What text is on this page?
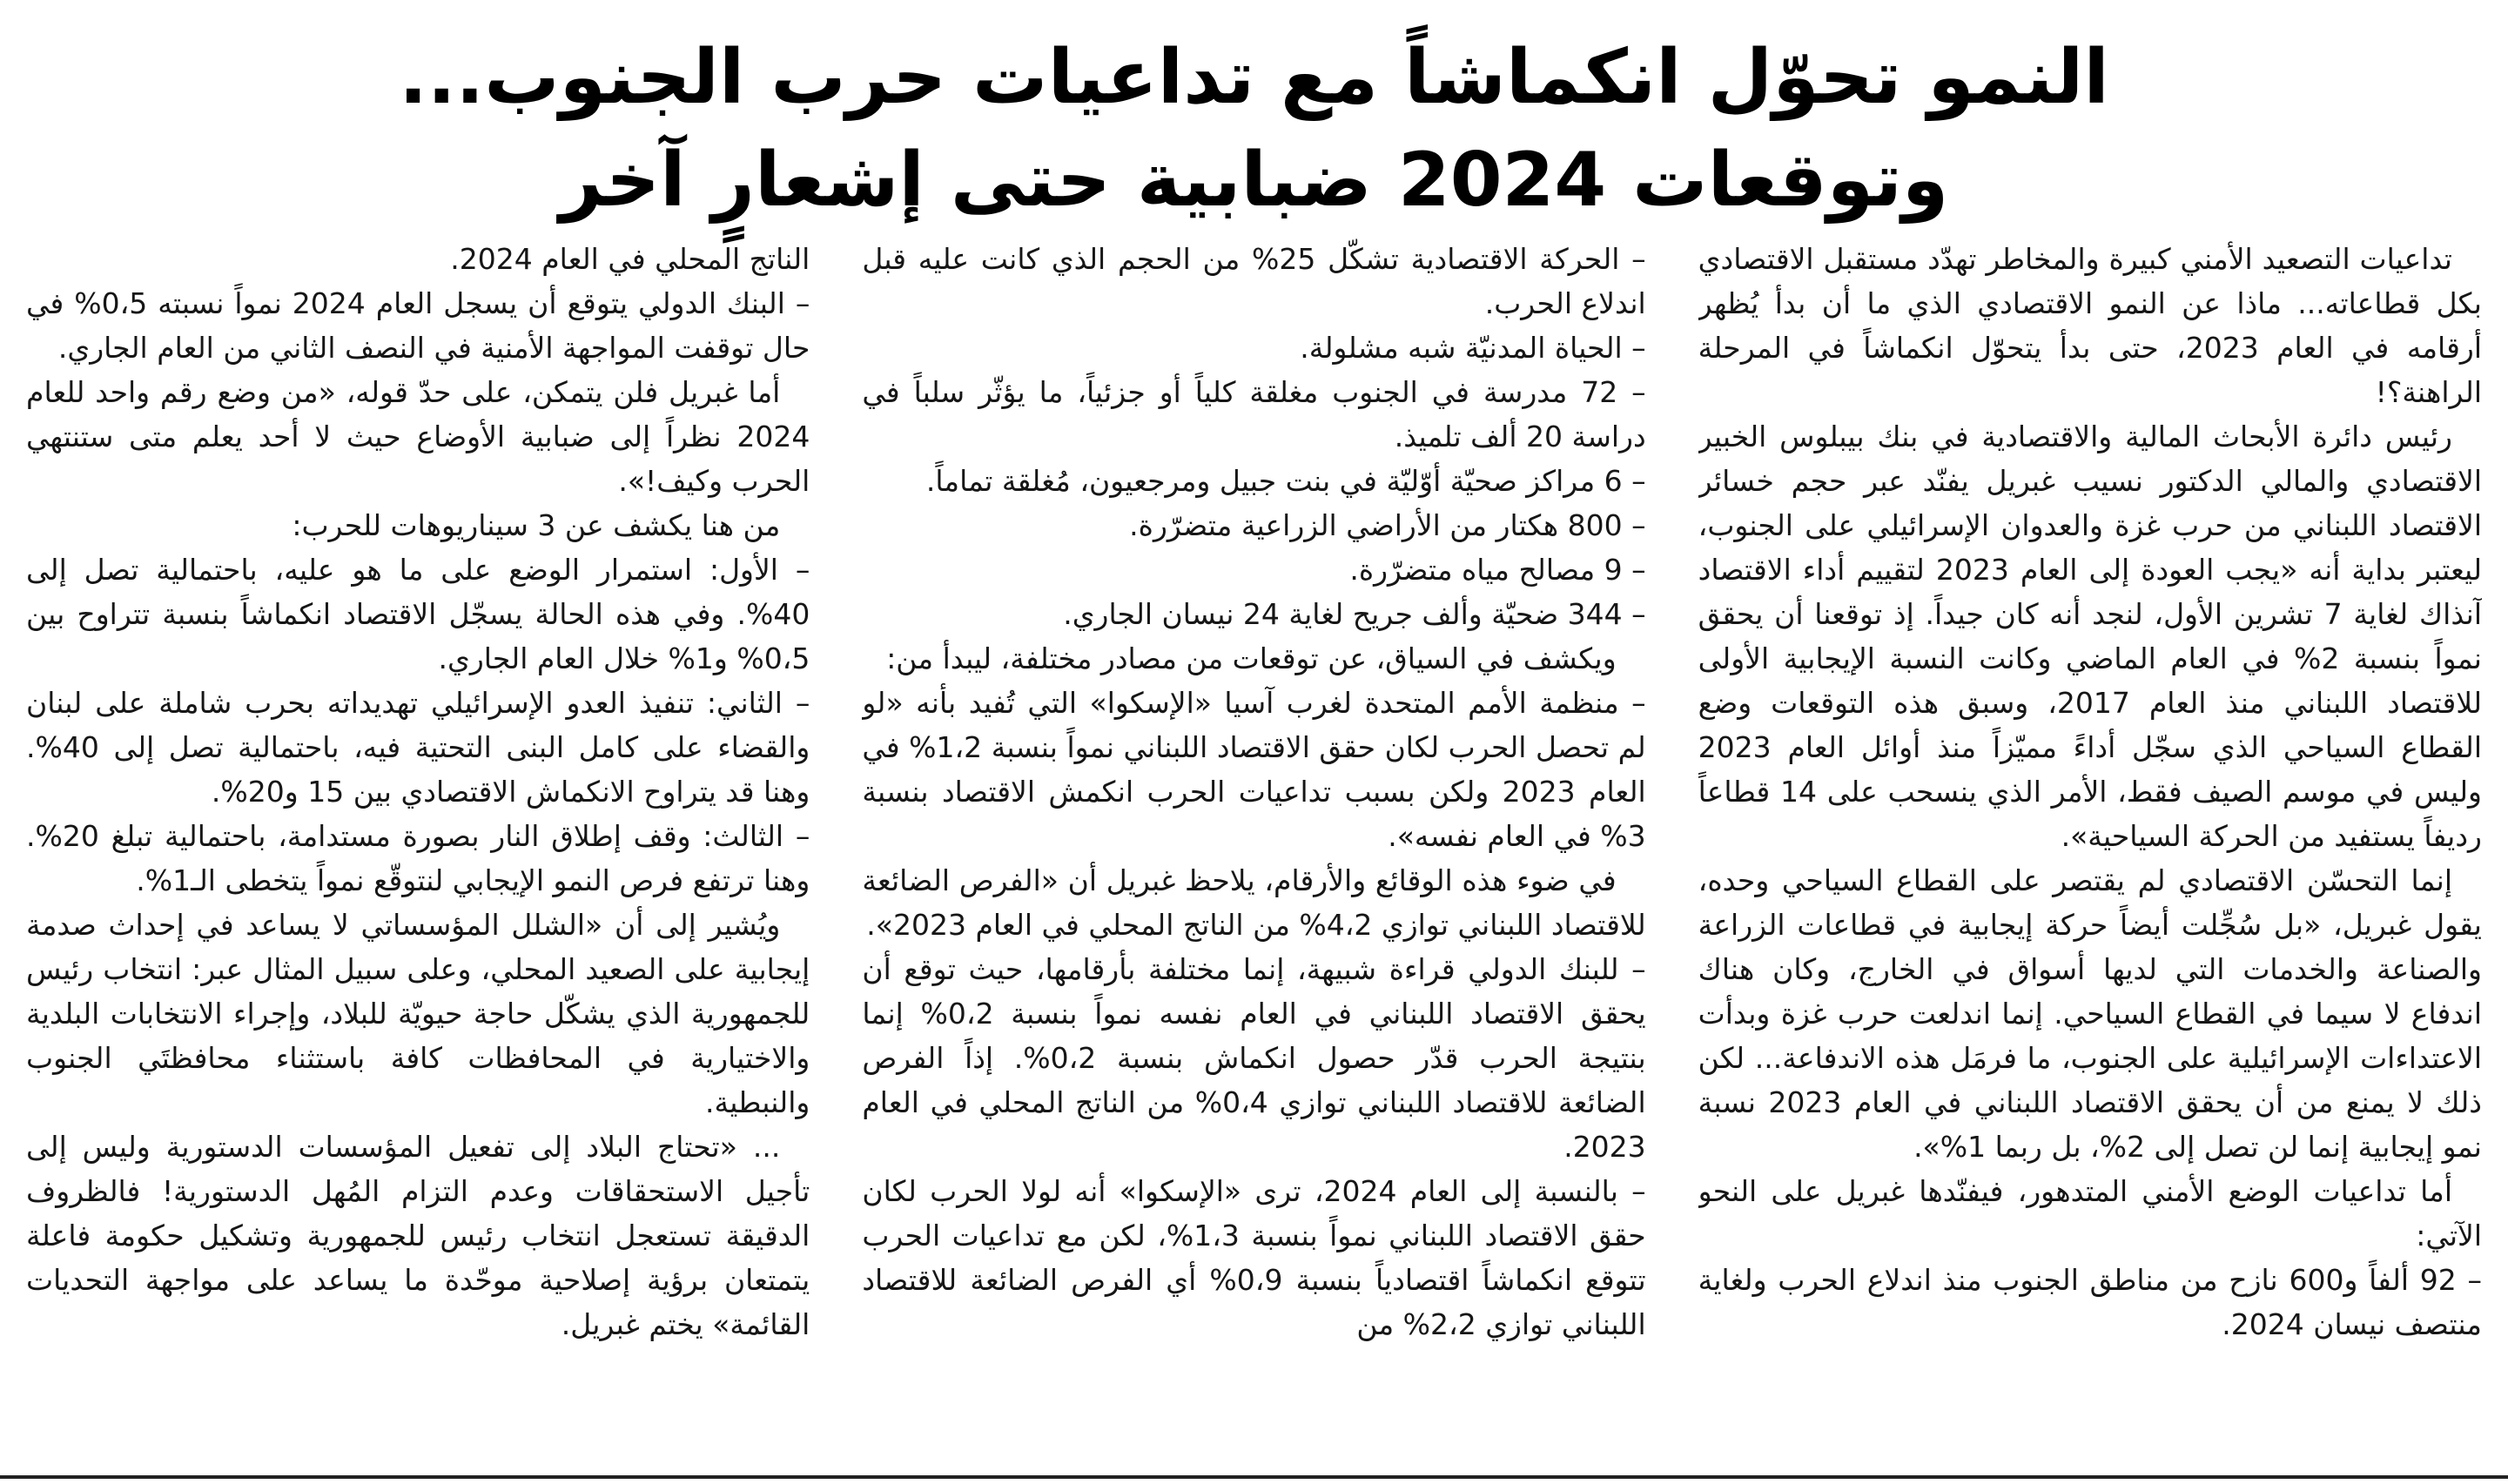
النمو تحوّل انكماشاً مع تداعيات حرب الجنوب...
وتوقعات 2024 ضبابية حتى إشعارٍ آخر

تداعيات التصعيد الأمني كبيرة والمخاطر تهدّد مستقبل الاقتصادي بكل قطاعاته... ماذا عن النمو الاقتصادي الذي ما أن بدأ يُظهر أرقامه في العام 2023، حتى بدأ يتحوّل انكماشاً في المرحلة الراهنة؟!

رئيس دائرة الأبحاث المالية والاقتصادية في بنك بيبلوس الخبير الاقتصادي والمالي الدكتور نسيب غبريل يفنّد عبر حجم خسائر الاقتصاد اللبناني من حرب غزة والعدوان الإسرائيلي على الجنوب، ليعتبر بداية أنه «يجب العودة إلى العام 2023 لتقييم أداء الاقتصاد آنذاك لغاية 7 تشرين الأول، لنجد أنه كان جيداً. إذ توقعنا أن يحقق نمواً بنسبة 2% في العام الماضي وكانت النسبة الإيجابية الأولى للاقتصاد اللبناني منذ العام 2017، وسبق هذه التوقعات وضع القطاع السياحي الذي سجّل أداءً مميّزاً منذ أوائل العام 2023 وليس في موسم الصيف فقط، الأمر الذي ينسحب على 14 قطاعاً رديفاً يستفيد من الحركة السياحية».

إنما التحسّن الاقتصادي لم يقتصر على القطاع السياحي وحده، يقول غبريل، «بل سُجِّلت أيضاً حركة إيجابية في قطاعات الزراعة والصناعة والخدمات التي لديها أسواق في الخارج، وكان هناك اندفاع لا سيما في القطاع السياحي. إنما اندلعت حرب غزة وبدأت الاعتداءات الإسرائيلية على الجنوب، ما فرمَل هذه الاندفاعة... لكن ذلك لا يمنع من أن يحقق الاقتصاد اللبناني في العام 2023 نسبة نمو إيجابية إنما لن تصل إلى 2%، بل ربما 1%».

أما تداعيات الوضع الأمني المتدهور، فيفنّدها غبريل على النحو الآتي:

– 92 ألفاً و600 نازح من مناطق الجنوب منذ اندلاع الحرب ولغاية منتصف نيسان 2024.

– الحركة الاقتصادية تشكّل 25% من الحجم الذي كانت عليه قبل اندلاع الحرب.

– الحياة المدنيّة شبه مشلولة.

– 72 مدرسة في الجنوب مغلقة كلياً أو جزئياً، ما يؤثّر سلباً في دراسة 20 ألف تلميذ.

– 6 مراكز صحيّة أوّليّة في بنت جبيل ومرجعيون، مُغلقة تماماً.

– 800 هكتار من الأراضي الزراعية متضرّرة.

– 9 مصالح مياه متضرّرة.

– 344 ضحيّة وألف جريح لغاية 24 نيسان الجاري.

ويكشف في السياق، عن توقعات من مصادر مختلفة، ليبدأ من:

– منظمة الأمم المتحدة لغرب آسيا «الإسكوا» التي تُفيد بأنه «لو لم تحصل الحرب لكان حقق الاقتصاد اللبناني نمواً بنسبة 1،2% في العام 2023 ولكن بسبب تداعيات الحرب انكمش الاقتصاد بنسبة 3% في العام نفسه».

في ضوء هذه الوقائع والأرقام، يلاحظ غبريل أن «الفرص الضائعة للاقتصاد اللبناني توازي 4،2% من الناتج المحلي في العام 2023».

– للبنك الدولي قراءة شبيهة، إنما مختلفة بأرقامها، حيث توقع أن يحقق الاقتصاد اللبناني في العام نفسه نمواً بنسبة 0،2% إنما بنتيجة الحرب قدّر حصول انكماش بنسبة 0،2%. إذاً الفرص الضائعة للاقتصاد اللبناني توازي 0،4% من الناتج المحلي في العام 2023.

– بالنسبة إلى العام 2024، ترى «الإسكوا» أنه لولا الحرب لكان حقق الاقتصاد اللبناني نمواً بنسبة 1،3%، لكن مع تداعيات الحرب تتوقع انكماشاً اقتصادياً بنسبة 0،9% أي الفرص الضائعة للاقتصاد اللبناني توازي 2،2% من

الناتج المحلي في العام 2024.

– البنك الدولي يتوقع أن يسجل العام 2024 نمواً نسبته 0،5% في حال توقفت المواجهة الأمنية في النصف الثاني من العام الجاري.

أما غبريل فلن يتمكن، على حدّ قوله، «من وضع رقم واحد للعام 2024 نظراً إلى ضبابية الأوضاع حيث لا أحد يعلم متى ستنتهي الحرب وكيف!».

من هنا يكشف عن 3 سيناريوهات للحرب:

– الأول: استمرار الوضع على ما هو عليه، باحتمالية تصل إلى 40%. وفي هذه الحالة يسجّل الاقتصاد انكماشاً بنسبة تتراوح بين 0،5% و1% خلال العام الجاري.

– الثاني: تنفيذ العدو الإسرائيلي تهديداته بحرب شاملة على لبنان والقضاء على كامل البنى التحتية فيه، باحتمالية تصل إلى 40%. وهنا قد يتراوح الانكماش الاقتصادي بين 15 و20%.

– الثالث: وقف إطلاق النار بصورة مستدامة، باحتمالية تبلغ 20%. وهنا ترتفع فرص النمو الإيجابي لنتوقّع نمواً يتخطى الـ1%.

ويُشير إلى أن «الشلل المؤسساتي لا يساعد في إحداث صدمة إيجابية على الصعيد المحلي، وعلى سبيل المثال عبر: انتخاب رئيس للجمهورية الذي يشكّل حاجة حيويّة للبلاد، وإجراء الانتخابات البلدية والاختيارية في المحافظات كافة باستثناء محافظتَي الجنوب والنبطية.

... «تحتاج البلاد إلى تفعيل المؤسسات الدستورية وليس إلى تأجيل الاستحقاقات وعدم التزام المُهل الدستورية! فالظروف الدقيقة تستعجل انتخاب رئيس للجمهورية وتشكيل حكومة فاعلة يتمتعان برؤية إصلاحية موحّدة ما يساعد على مواجهة التحديات القائمة» يختم غبريل.
